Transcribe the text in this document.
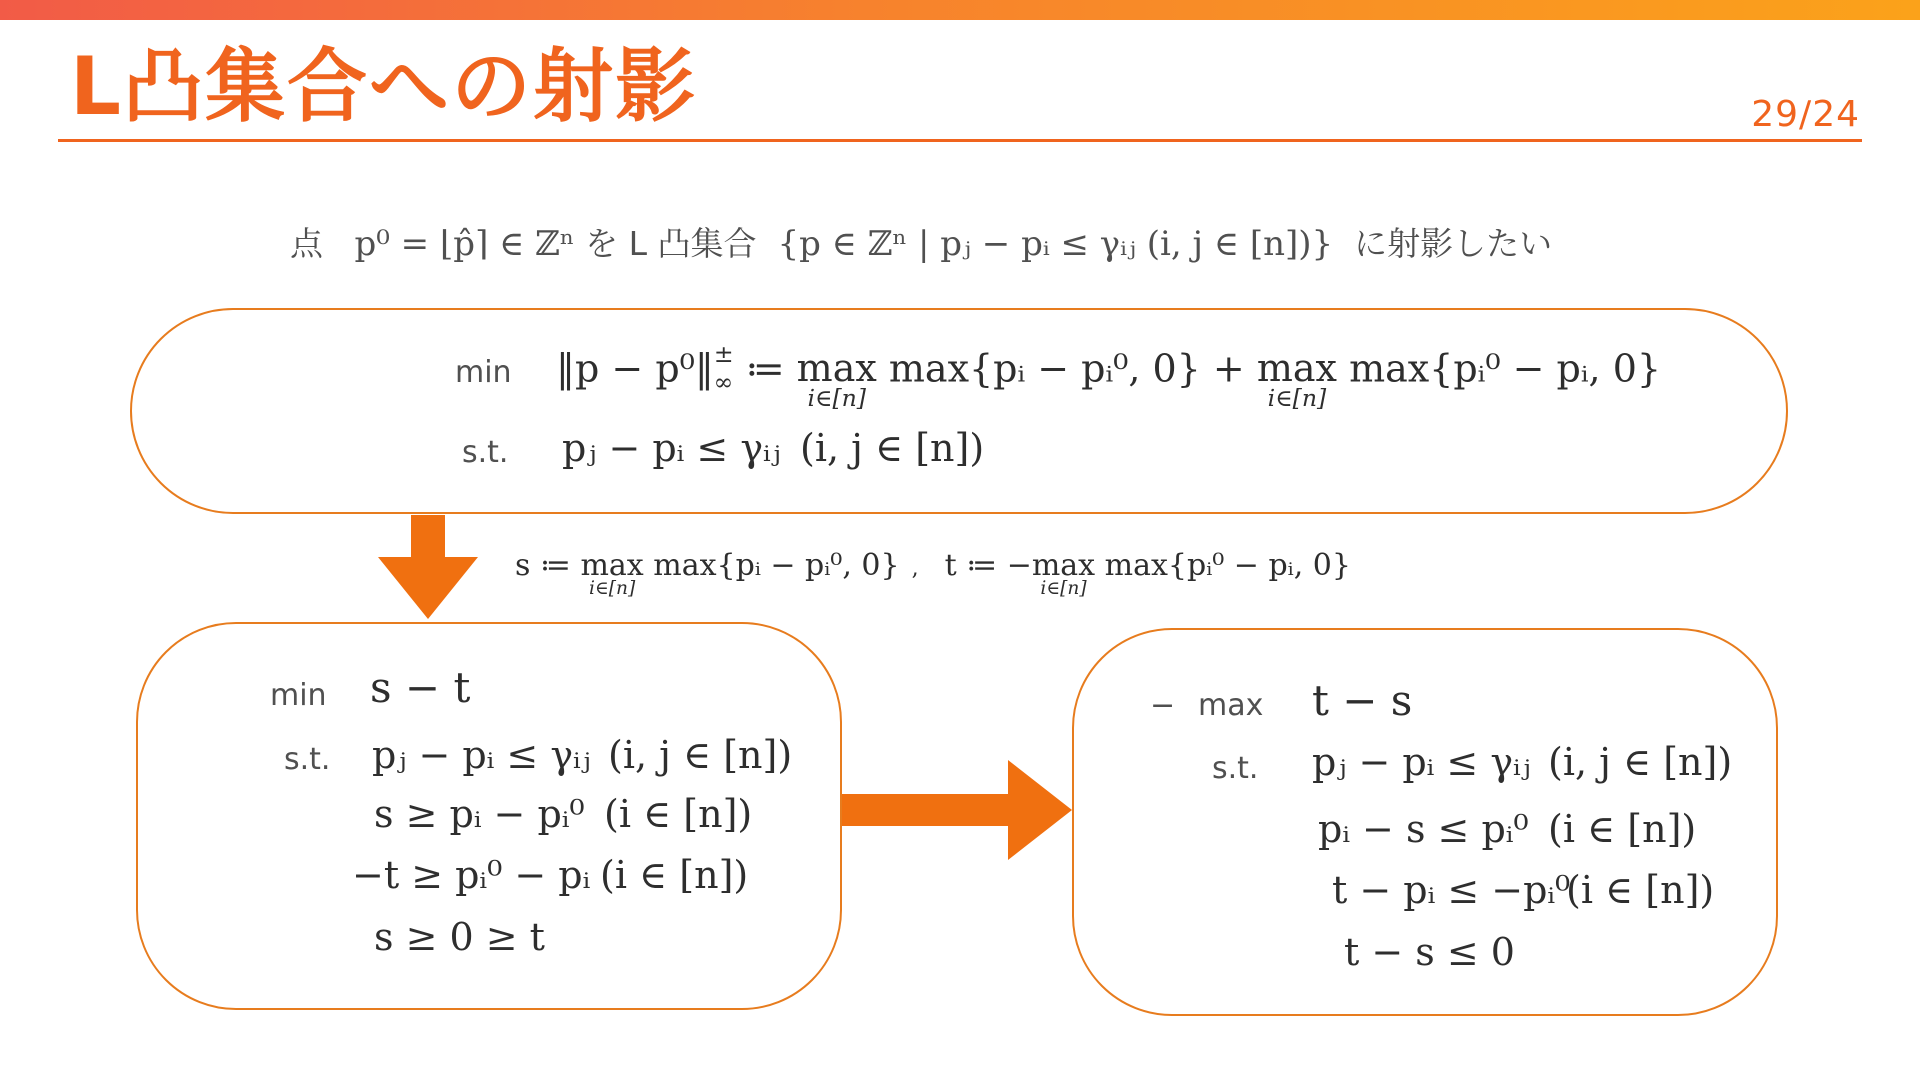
L凸集合への射影	29/24
点 p⁰ = ⌊p̂⌉ ∈ ℤⁿ を L 凸集合 {p ∈ ℤⁿ | pⱼ − pᵢ ≤ γᵢⱼ (i, j ∈ [n])} に射影したい
min ‖p − $p^0‖^\pm_\infty$ ≔ max
i∈[n]
max{pᵢ − pᵢ⁰, 0} + max
i∈[n]
max{pᵢ⁰ − pᵢ, 0}
s.t. pⱼ − pᵢ ≤ γᵢⱼ (i, j ∈ [n])
s ≔ max
i∈[n]
max{pᵢ − pᵢ⁰, 0} , t ≔ −max
i∈[n]
max{pᵢ⁰ − pᵢ, 0}
min s − t
s.t. pⱼ − pᵢ ≤ γᵢⱼ (i, j ∈ [n])
s ≥ pᵢ − pᵢ⁰ (i ∈ [n])
−t ≥ pᵢ⁰ − pᵢ (i ∈ [n])
s ≥ 0 ≥ t
− max t − s
s.t. pⱼ − pᵢ ≤ γᵢⱼ (i, j ∈ [n])
pᵢ − s ≤ pᵢ⁰ (i ∈ [n])
t − pᵢ ≤ −pᵢ⁰
(i ∈ [n])
t − s ≤ 0
